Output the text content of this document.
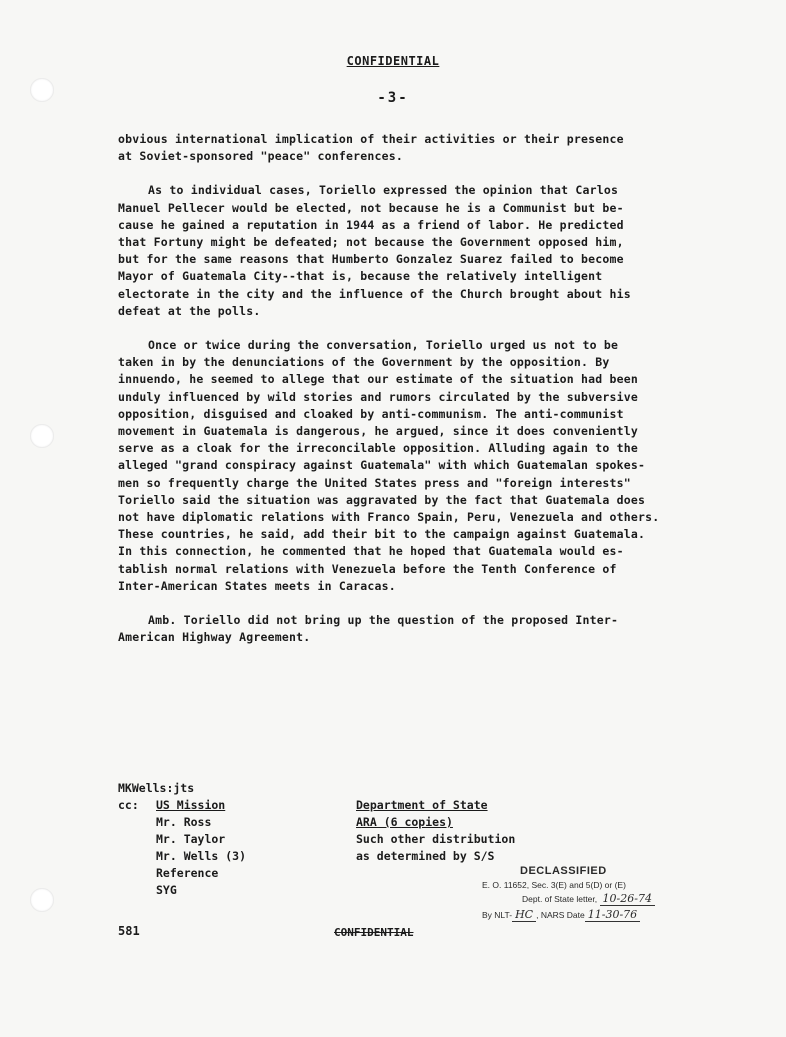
CONFIDENTIAL
-3-

obvious international implication of their activities or their presence
at Soviet-sponsored "peace" conferences.

As to individual cases, Toriello expressed the opinion that Carlos
Manuel Pellecer would be elected, not because he is a Communist but be-
cause he gained a reputation in 1944 as a friend of labor. He predicted
that Fortuny might be defeated; not because the Government opposed him,
but for the same reasons that Humberto Gonzalez Suarez failed to become
Mayor of Guatemala City--that is, because the relatively intelligent
electorate in the city and the influence of the Church brought about his
defeat at the polls.

Once or twice during the conversation, Toriello urged us not to be
taken in by the denunciations of the Government by the opposition. By
innuendo, he seemed to allege that our estimate of the situation had been
unduly influenced by wild stories and rumors circulated by the subversive
opposition, disguised and cloaked by anti-communism. The anti-communist
movement in Guatemala is dangerous, he argued, since it does conveniently
serve as a cloak for the irreconcilable opposition. Alluding again to the
alleged "grand conspiracy against Guatemala" with which Guatemalan spokes-
men so frequently charge the United States press and "foreign interests"
Toriello said the situation was aggravated by the fact that Guatemala does
not have diplomatic relations with Franco Spain, Peru, Venezuela and others.
These countries, he said, add their bit to the campaign against Guatemala.
In this connection, he commented that he hoped that Guatemala would es-
tablish normal relations with Venezuela before the Tenth Conference of
Inter-American States meets in Caracas.

Amb. Toriello did not bring up the question of the proposed Inter-
American Highway Agreement.

MKWells:jts
cc: US Mission
Mr. Ross
Mr. Taylor
Mr. Wells (3)
Reference
SYG
Department of State
ARA (6 copies)
Such other distribution
as determined by S/S
DECLASSIFIED
E. O. 11652, Sec. 3(E) and 5(D) or (E)
Dept. of State letter, 10-26-74
By NLT- HC , NARS Date 11-30-76
581	CONFIDENTIAL
